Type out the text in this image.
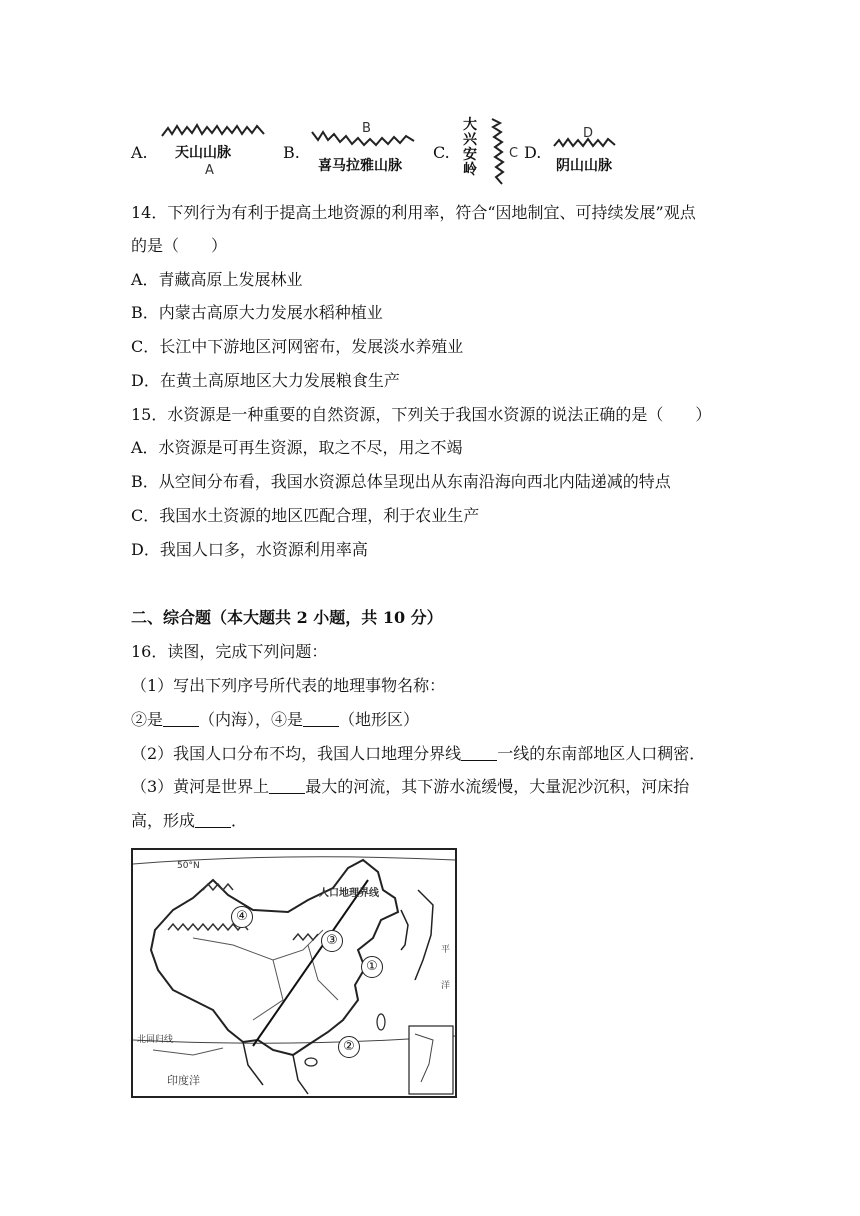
A. 天山山脉
A
B.
B
喜马拉雅山脉
C.
大
兴
安
岭
C D.
D
阴山山脉
14．下列行为有利于提高土地资源的利用率，符合“因地制宜、可持续发展”观点
的是（　　）
A．青藏高原上发展林业
B．内蒙古高原大力发展水稻种植业
C．长江中下游地区河网密布，发展淡水养殖业
D．在黄土高原地区大力发展粮食生产
15．水资源是一种重要的自然资源，下列关于我国水资源的说法正确的是（　　）
A．水资源是可再生资源，取之不尽，用之不竭
B．从空间分布看，我国水资源总体呈现出从东南沿海向西北内陆递减的特点
C．我国水土资源的地区匹配合理，利于农业生产
D．我国人口多，水资源利用率高
二、综合题（本大题共 2 小题，共 10 分）
16．读图，完成下列问题：
（1）写出下列序号所代表的地理事物名称：
②是 （内海），④是 （地形区）
（2）我国人口分布不均，我国人口地理分界线 一线的东南部地区人口稠密．
（3）黄河是世界上 最大的河流，其下游水流缓慢，大量泥沙沉积，河床抬
高，形成 ．
50°N
人口地理界线
北回归线
印度洋
平
洋
①
②
③
④
